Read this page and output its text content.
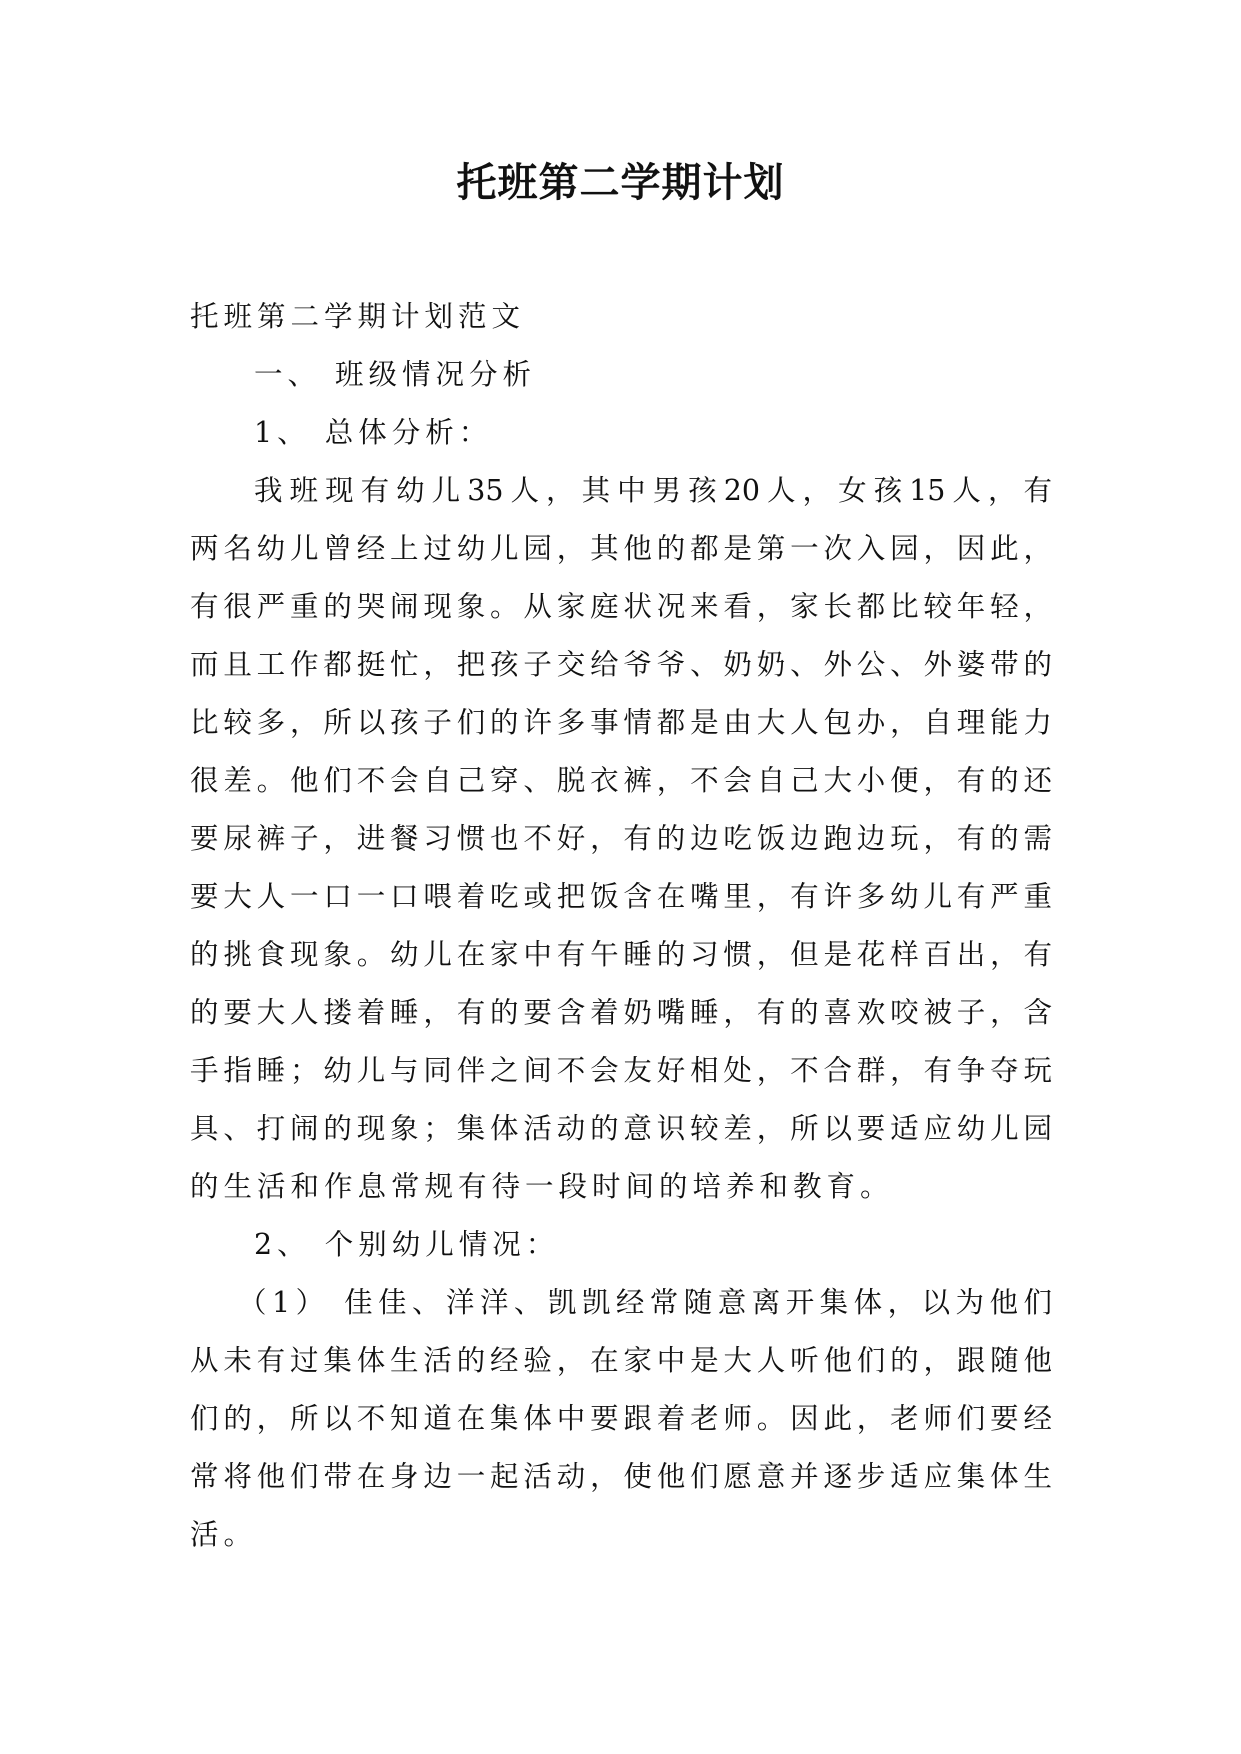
托班第二学期计划

托班第二学期计划范文

一、 班级情况分析

1、 总体分析：

我班现有幼儿35人，其中男孩20人，女孩15人，有
两名幼儿曾经上过幼儿园，其他的都是第一次入园，因此，
有很严重的哭闹现象。从家庭状况来看，家长都比较年轻，
而且工作都挺忙，把孩子交给爷爷、奶奶、外公、外婆带的
比较多，所以孩子们的许多事情都是由大人包办，自理能力
很差。他们不会自己穿、脱衣裤，不会自己大小便，有的还
要尿裤子，进餐习惯也不好，有的边吃饭边跑边玩，有的需
要大人一口一口喂着吃或把饭含在嘴里，有许多幼儿有严重
的挑食现象。幼儿在家中有午睡的习惯，但是花样百出，有
的要大人搂着睡，有的要含着奶嘴睡，有的喜欢咬被子，含
手指睡；幼儿与同伴之间不会友好相处，不合群，有争夺玩
具、打闹的现象；集体活动的意识较差，所以要适应幼儿园
的生活和作息常规有待一段时间的培养和教育。

2、 个别幼儿情况：

（1） 佳佳、洋洋、凯凯经常随意离开集体，以为他们
从未有过集体生活的经验，在家中是大人听他们的，跟随他
们的，所以不知道在集体中要跟着老师。因此，老师们要经
常将他们带在身边一起活动，使他们愿意并逐步适应集体生
活。
